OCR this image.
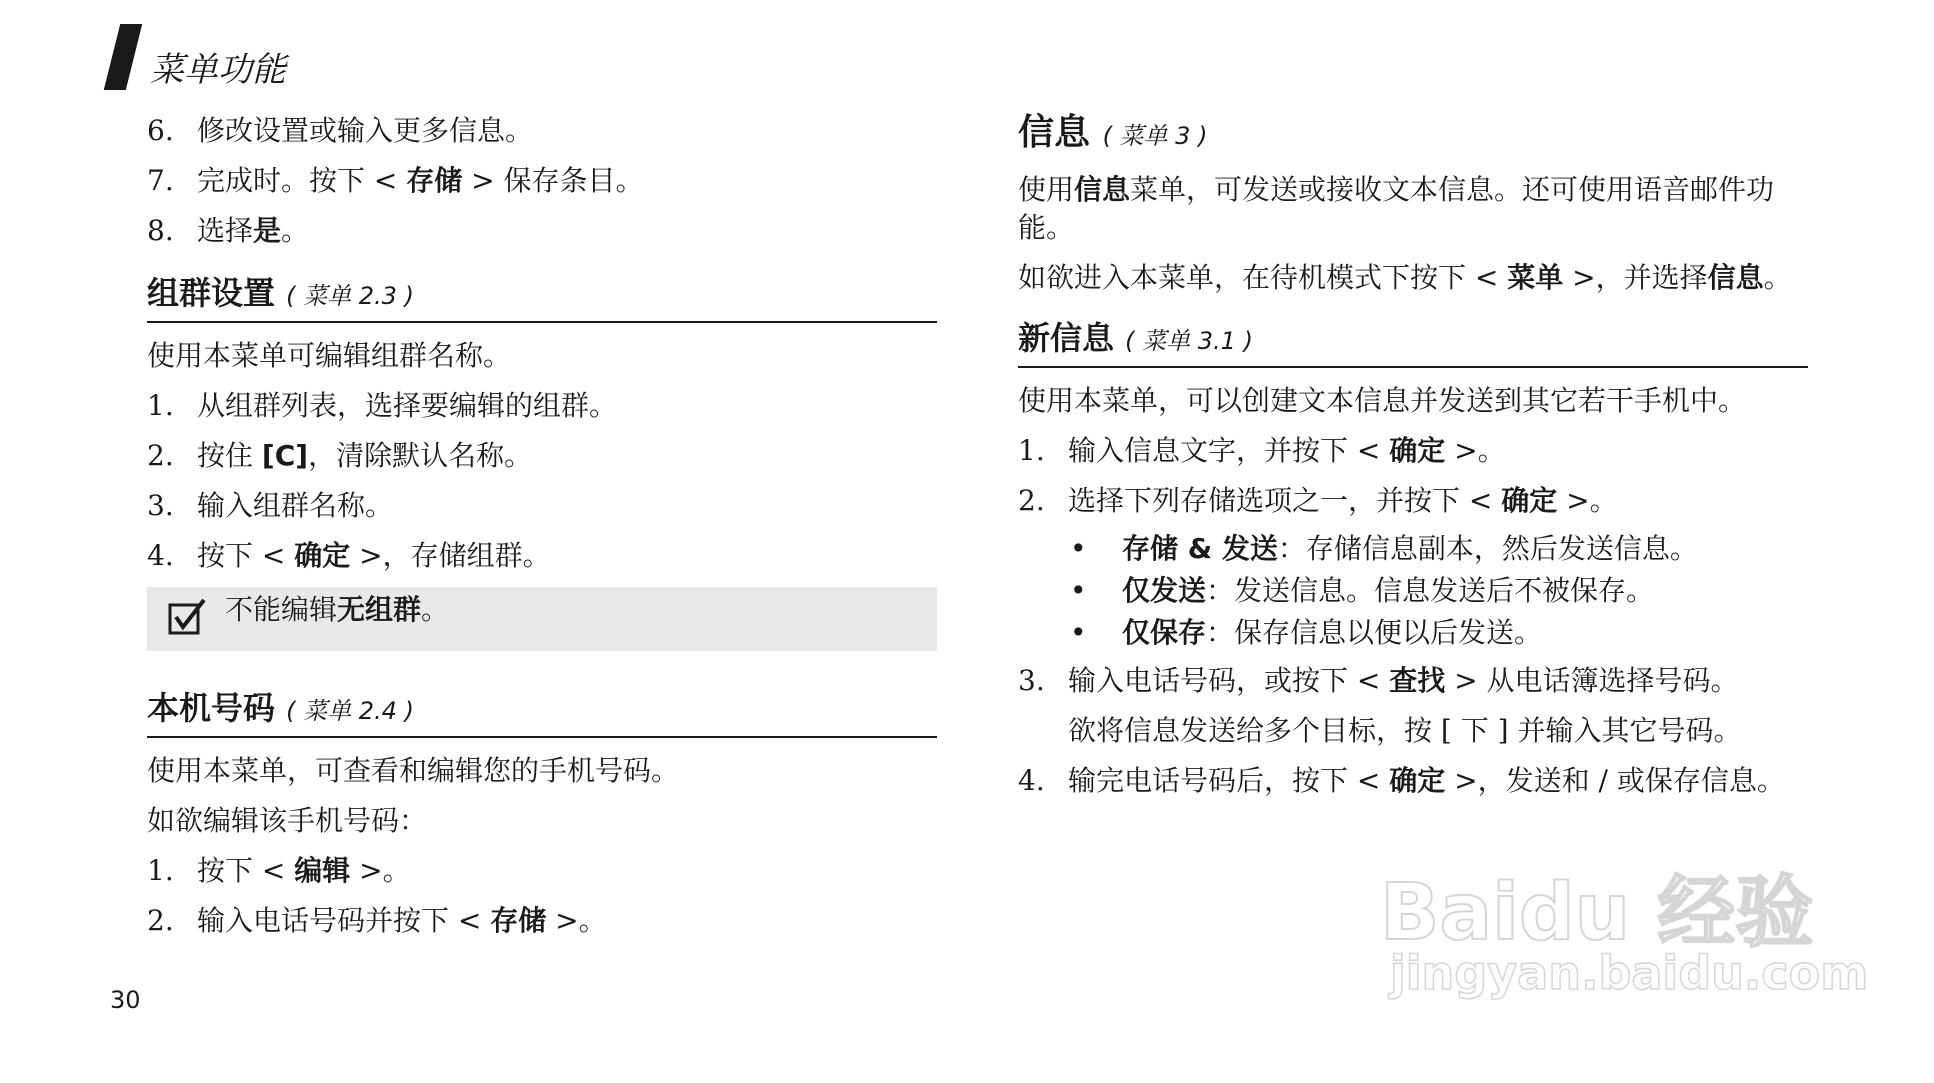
菜单功能
6. 修改设置或输入更多信息。
7. 完成时。按下 < 存储 > 保存条目。
8. 选择是。
组群设置 ( 菜单 2.3 )

使用本菜单可编辑组群名称。

1. 从组群列表，选择要编辑的组群。
2. 按住 [C]，清除默认名称。
3. 输入组群名称。
4. 按下 < 确定 >，存储组群。
不能编辑无组群。
本机号码 ( 菜单 2.4 )

使用本菜单，可查看和编辑您的手机号码。

如欲编辑该手机号码：

1. 按下 < 编辑 >。
2. 输入电话号码并按下 < 存储 >。
信息 ( 菜单 3 )

使用信息菜单，可发送或接收文本信息。还可使用语音邮件功能。

如欲进入本菜单，在待机模式下按下 < 菜单 >，并选择信息。

新信息 ( 菜单 3.1 )

使用本菜单，可以创建文本信息并发送到其它若干手机中。

1. 输入信息文字，并按下 < 确定 >。
2. 选择下列存储选项之一，并按下 < 确定 >。
• 存储 & 发送：存储信息副本，然后发送信息。
• 仅发送：发送信息。信息发送后不被保存。
• 仅保存：保存信息以便以后发送。
3. 输入电话号码，或按下 < 查找 > 从电话簿选择号码。
欲将信息发送给多个目标，按 [ 下 ] 并输入其它号码。
4. 输完电话号码后，按下 < 确定 >，发送和 / 或保存信息。
30
Baidu 经验
jingyan.baidu.com
